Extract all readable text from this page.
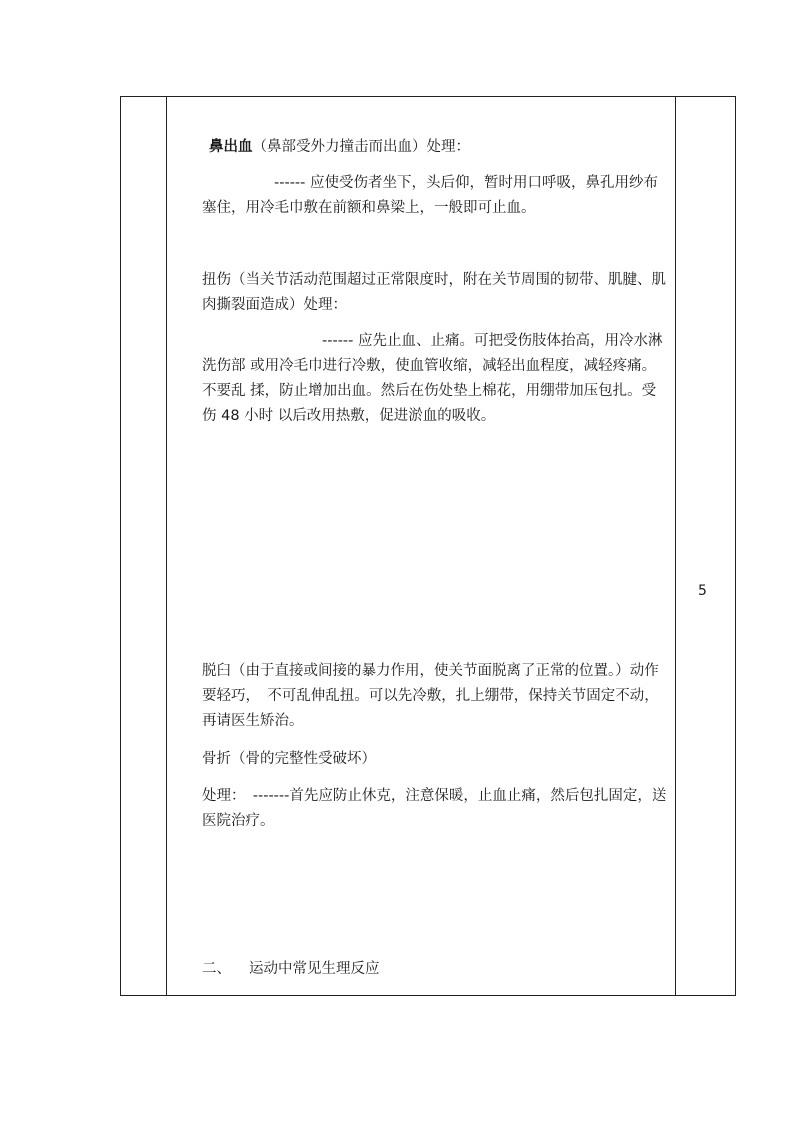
鼻出血（鼻部受外力撞击而出血）处理：

------ 应使受伤者坐下，头后仰，暂时用口呼吸，鼻孔用纱布塞住，用冷毛巾敷在前额和鼻梁上，一般即可止血。

扭伤（当关节活动范围超过正常限度时，附在关节周围的韧带、肌腱、肌肉撕裂面造成）处理：

------ 应先止血、止痛。可把受伤肢体抬高，用冷水淋洗伤部 或用冷毛巾进行冷敷，使血管收缩，减轻出血程度，减轻疼痛。不要乱 揉，防止增加出血。然后在伤处垫上棉花，用绷带加压包扎。受伤 48 小时 以后改用热敷，促进淤血的吸收。

脱臼（由于直接或间接的暴力作用，使关节面脱离了正常的位置。）动作要轻巧，　不可乱伸乱扭。可以先冷敷，扎上绷带，保持关节固定不动，再请医生矫治。

骨折（骨的完整性受破坏）

处理：　-------首先应防止休克，注意保暖，止血止痛，然后包扎固定，送医院治疗。

二、 运动中常见生理反应
5
